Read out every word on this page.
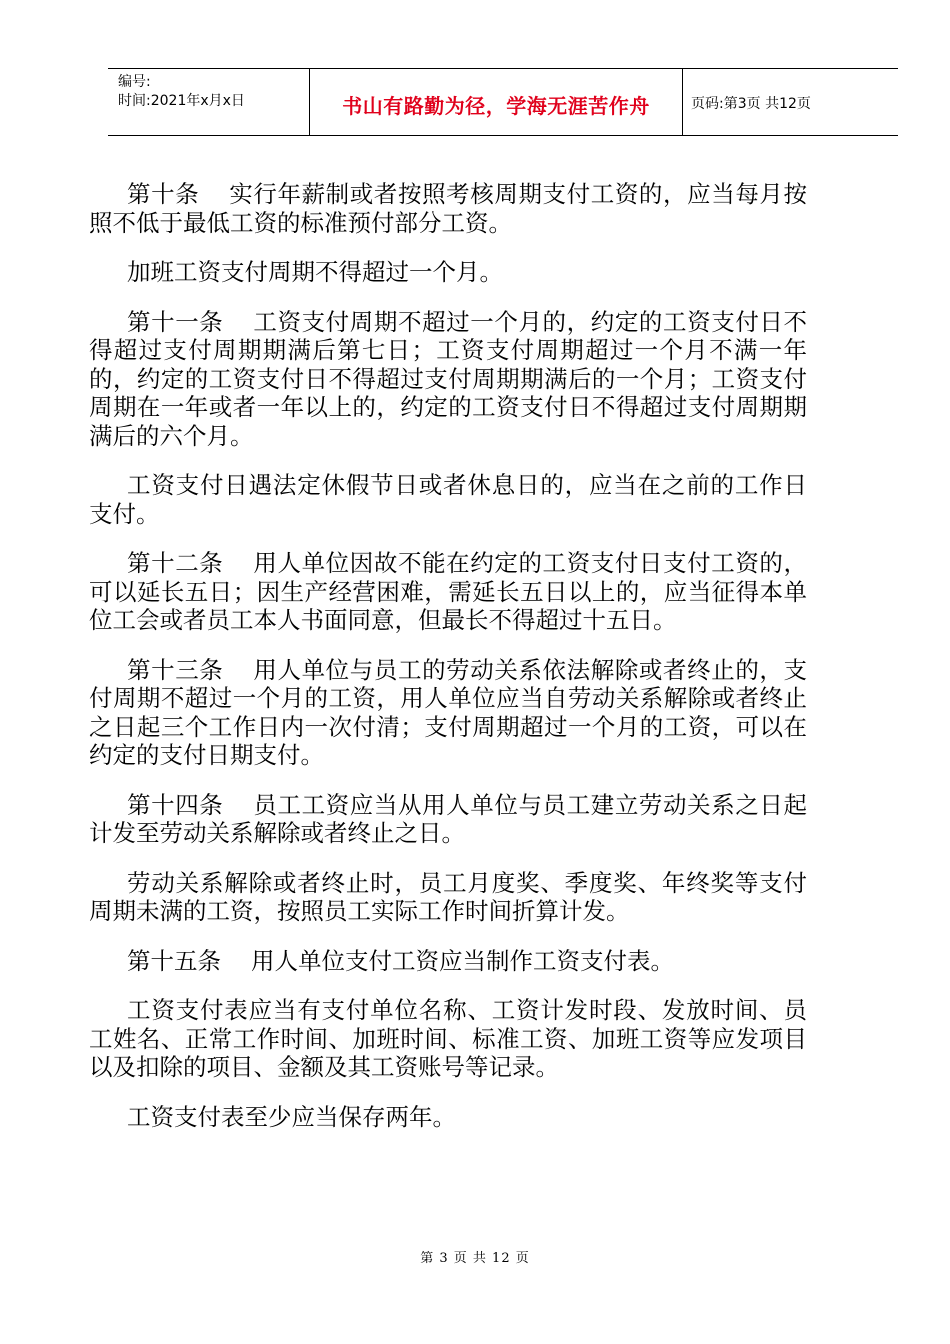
编号:
时间:2021年x月x日	书山有路勤为径，学海无涯苦作舟	页码:第3页 共12页

第十条 实行年薪制或者按照考核周期支付工资的，应当每月按照不低于最低工资的标准预付部分工资。

加班工资支付周期不得超过一个月。

第十一条 工资支付周期不超过一个月的，约定的工资支付日不得超过支付周期期满后第七日；工资支付周期超过一个月不满一年的，约定的工资支付日不得超过支付周期期满后的一个月；工资支付周期在一年或者一年以上的，约定的工资支付日不得超过支付周期期满后的六个月。

工资支付日遇法定休假节日或者休息日的，应当在之前的工作日支付。

第十二条 用人单位因故不能在约定的工资支付日支付工资的，可以延长五日；因生产经营困难，需延长五日以上的，应当征得本单位工会或者员工本人书面同意，但最长不得超过十五日。

第十三条 用人单位与员工的劳动关系依法解除或者终止的，支付周期不超过一个月的工资，用人单位应当自劳动关系解除或者终止之日起三个工作日内一次付清；支付周期超过一个月的工资，可以在约定的支付日期支付。

第十四条 员工工资应当从用人单位与员工建立劳动关系之日起计发至劳动关系解除或者终止之日。

劳动关系解除或者终止时，员工月度奖、季度奖、年终奖等支付周期未满的工资，按照员工实际工作时间折算计发。

第十五条 用人单位支付工资应当制作工资支付表。

工资支付表应当有支付单位名称、工资计发时段、发放时间、员工姓名、正常工作时间、加班时间、标准工资、加班工资等应发项目以及扣除的项目、金额及其工资账号等记录。

工资支付表至少应当保存两年。

第 3 页 共 12 页
